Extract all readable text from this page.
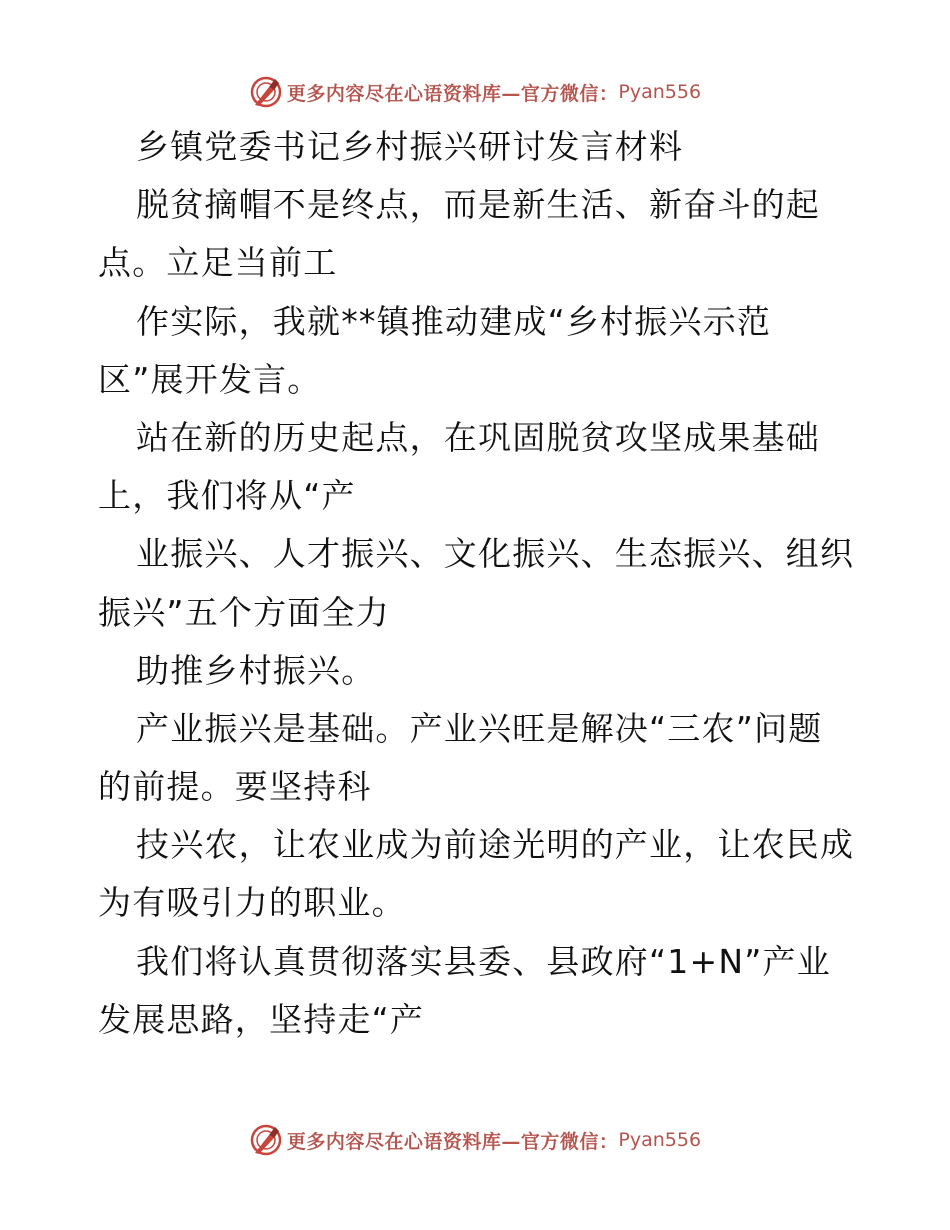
更多内容尽在心语资料库—官方微信： Pyan556
乡镇党委书记乡村振兴研讨发言材料
脱贫摘帽不是终点，而是新生活、新奋斗的起
点。立足当前工
作实际，我就**镇推动建成“乡村振兴示范
区”展开发言。
站在新的历史起点，在巩固脱贫攻坚成果基础
上，我们将从“产
业振兴、人才振兴、文化振兴、生态振兴、组织
振兴”五个方面全力
助推乡村振兴。
产业振兴是基础。产业兴旺是解决“三农”问题
的前提。要坚持科
技兴农，让农业成为前途光明的产业，让农民成
为有吸引力的职业。
我们将认真贯彻落实县委、县政府“1+N”产业
发展思路，坚持走“产
更多内容尽在心语资料库—官方微信： Pyan556
